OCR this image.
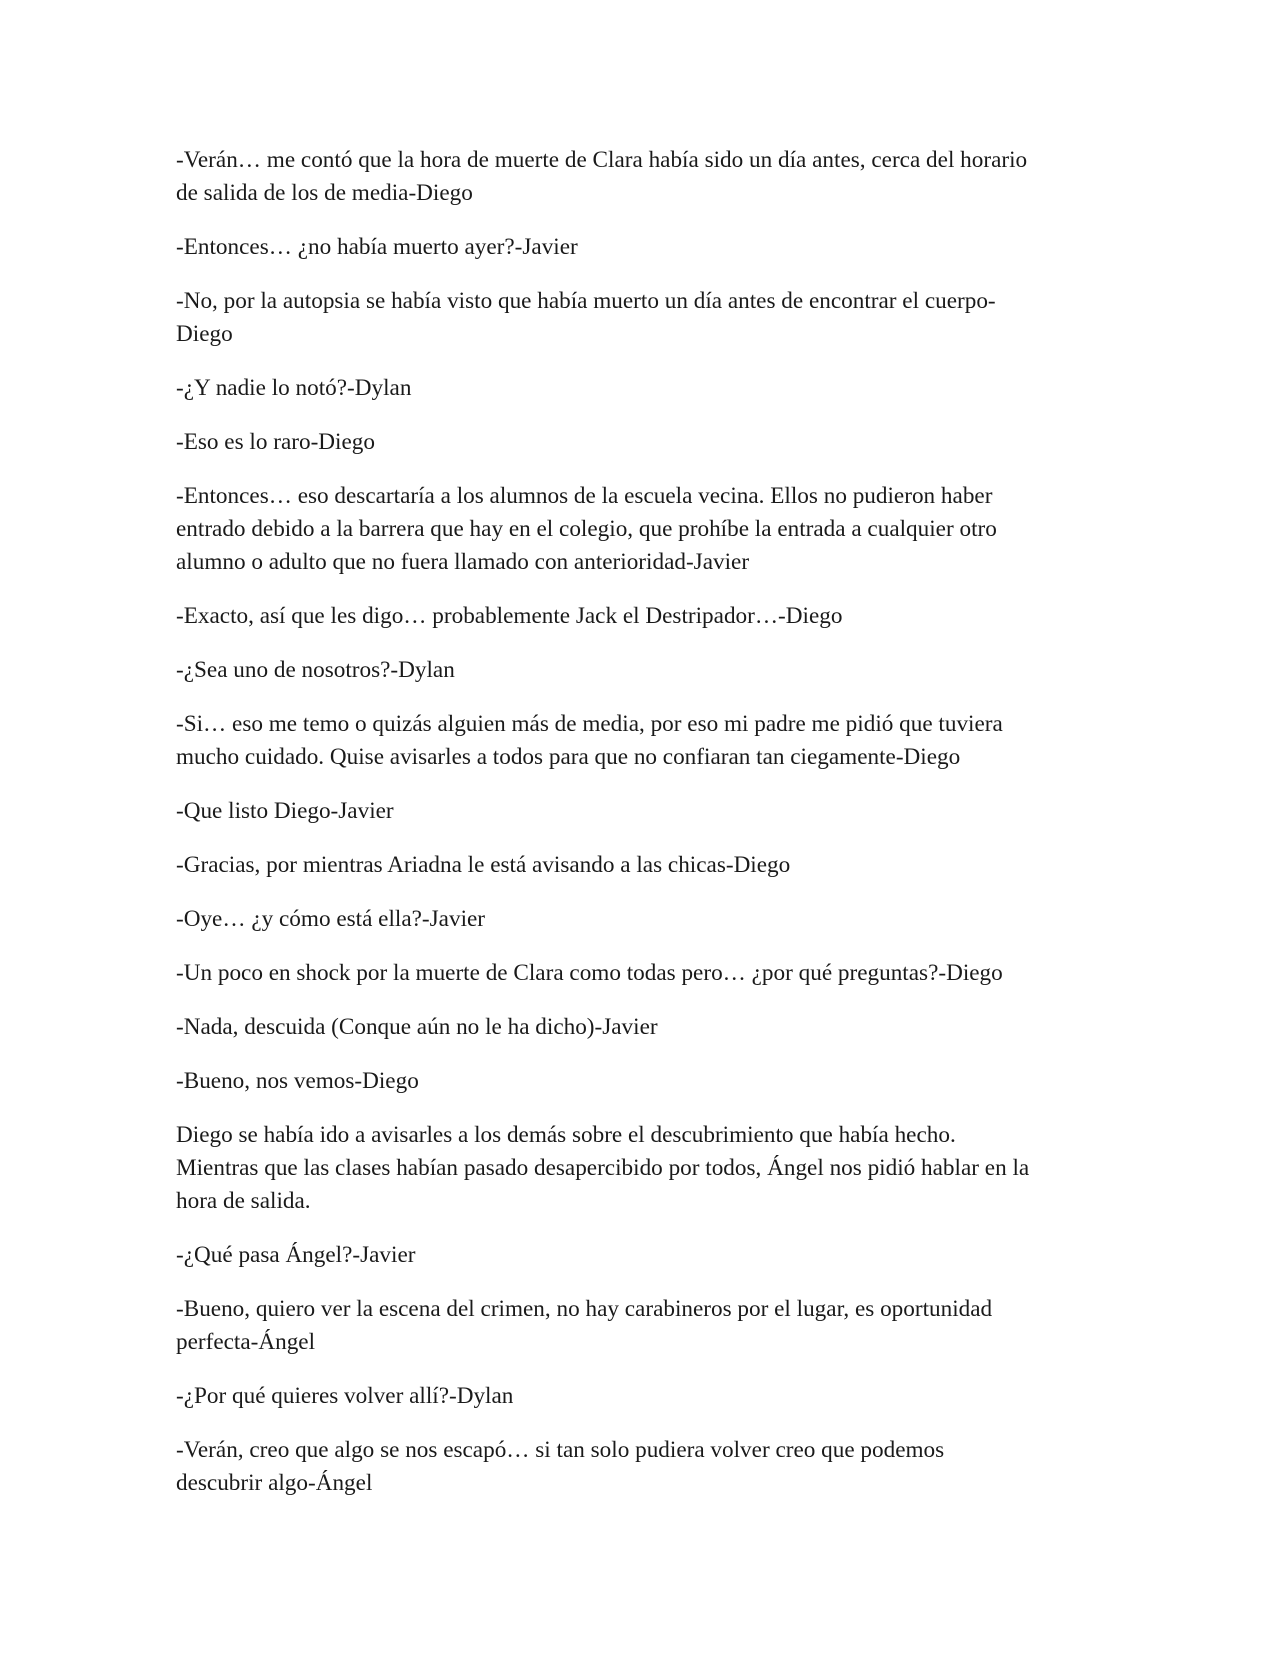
-Verán… me contó que la hora de muerte de Clara había sido un día antes, cerca del horario
de salida de los de media-Diego

-Entonces… ¿no había muerto ayer?-Javier

-No, por la autopsia se había visto que había muerto un día antes de encontrar el cuerpo-
Diego

-¿Y nadie lo notó?-Dylan

-Eso es lo raro-Diego

-Entonces… eso descartaría a los alumnos de la escuela vecina. Ellos no pudieron haber
entrado debido a la barrera que hay en el colegio, que prohíbe la entrada a cualquier otro
alumno o adulto que no fuera llamado con anterioridad-Javier

-Exacto, así que les digo… probablemente Jack el Destripador…-Diego

-¿Sea uno de nosotros?-Dylan

-Si… eso me temo o quizás alguien más de media, por eso mi padre me pidió que tuviera
mucho cuidado. Quise avisarles a todos para que no confiaran tan ciegamente-Diego

-Que listo Diego-Javier

-Gracias, por mientras Ariadna le está avisando a las chicas-Diego

-Oye… ¿y cómo está ella?-Javier

-Un poco en shock por la muerte de Clara como todas pero… ¿por qué preguntas?-Diego

-Nada, descuida (Conque aún no le ha dicho)-Javier

-Bueno, nos vemos-Diego

Diego se había ido a avisarles a los demás sobre el descubrimiento que había hecho.
Mientras que las clases habían pasado desapercibido por todos, Ángel nos pidió hablar en la
hora de salida.

-¿Qué pasa Ángel?-Javier

-Bueno, quiero ver la escena del crimen, no hay carabineros por el lugar, es oportunidad
perfecta-Ángel

-¿Por qué quieres volver allí?-Dylan

-Verán, creo que algo se nos escapó… si tan solo pudiera volver creo que podemos
descubrir algo-Ángel
